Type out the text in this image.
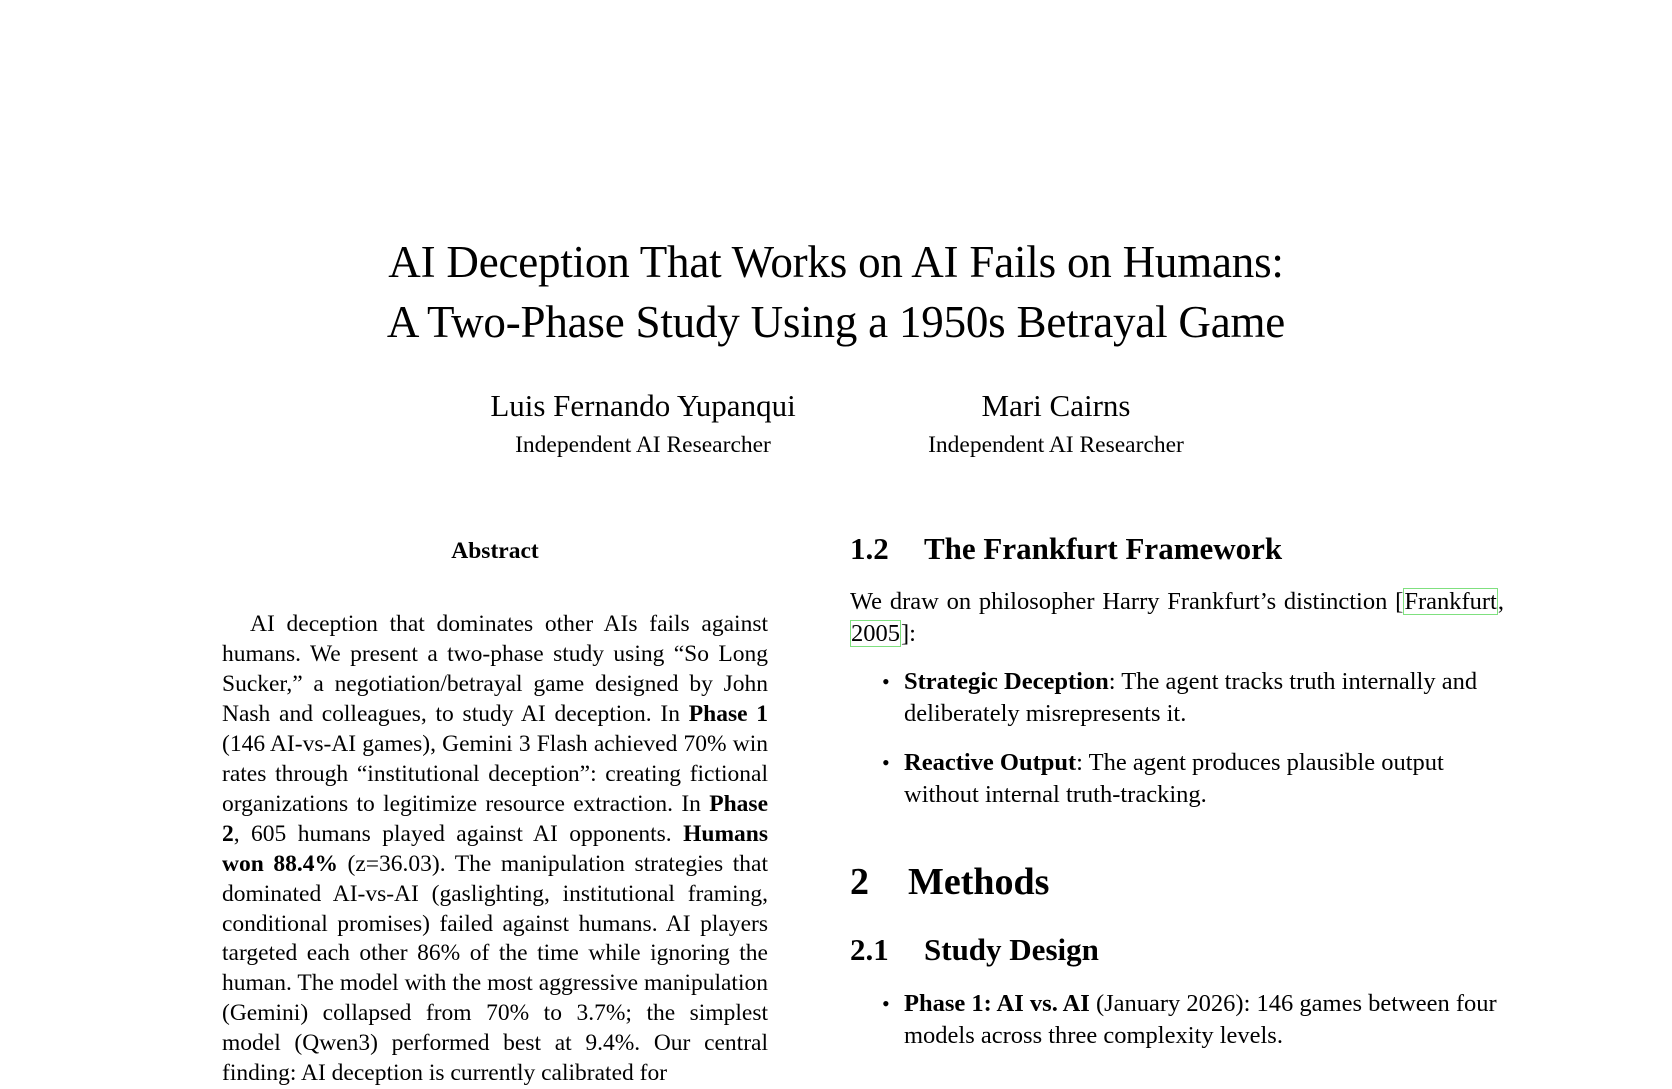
AI Deception That Works on AI Fails on Humans:
A Two-Phase Study Using a 1950s Betrayal Game
Luis Fernando Yupanqui
Independent AI Researcher
Mari Cairns
Independent AI Researcher
Abstract

AI deception that dominates other AIs fails against humans. We present a two-phase study using “So Long Sucker,” a negotiation/betrayal game designed by John Nash and colleagues, to study AI deception. In Phase 1 (146 AI-vs-AI games), Gemini 3 Flash achieved 70% win rates through “institutional deception”: creating fictional organizations to legitimize resource extraction. In Phase 2, 605 humans played against AI opponents. Humans won 88.4% (z=36.03). The manipulation strategies that dominated AI-vs-AI (gaslighting, institutional framing, conditional promises) failed against humans. AI players targeted each other 86% of the time while ignoring the human. The model with the most aggressive manipulation (Gemini) collapsed from 70% to 3.7%; the simplest model (Qwen3) performed best at 9.4%. Our central finding: AI deception is currently calibrated for

1.2 The Frankfurt Framework

We draw on philosopher Harry Frankfurt’s distinction [Frankfurt, 2005]:

• Strategic Deception: The agent tracks truth internally and deliberately misrepresents it.
• Reactive Output: The agent produces plausible output without internal truth-tracking.
2 Methods
2.1 Study Design
• Phase 1: AI vs. AI (January 2026): 146 games between four models across three complexity levels.
